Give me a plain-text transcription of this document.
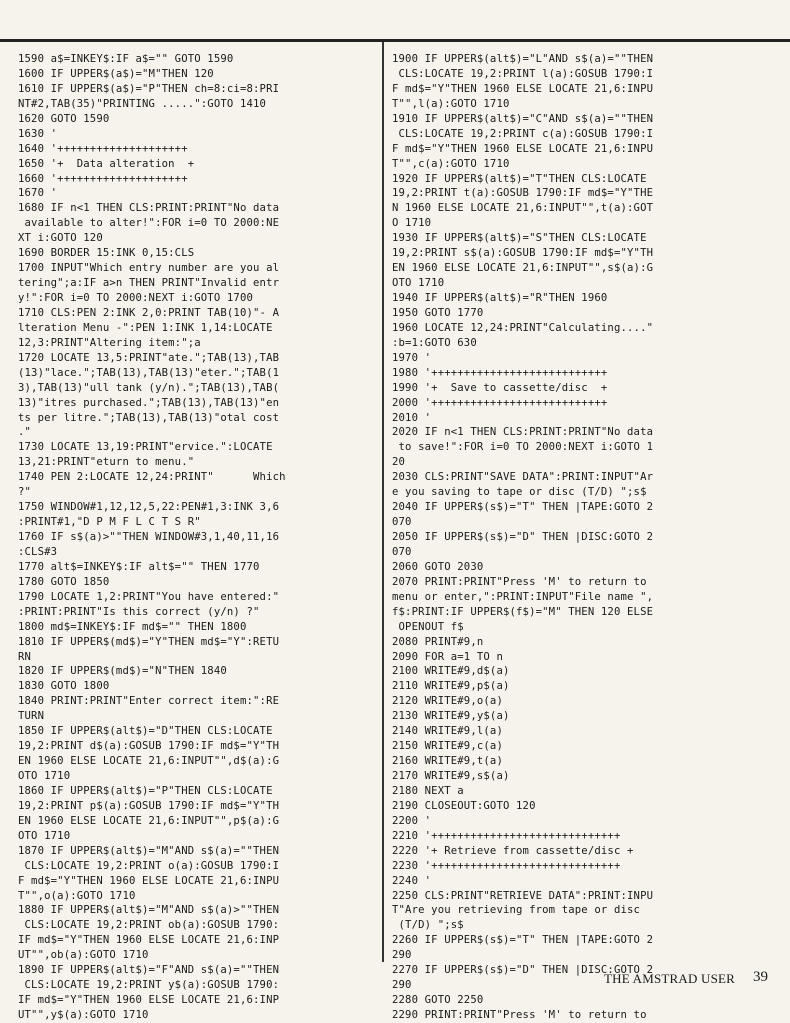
1590 a$=INKEY$:IF a$="" GOTO 1590
1600 IF UPPER$(a$)="M"THEN 120
1610 IF UPPER$(a$)="P"THEN ch=8:ci=8:PRI
NT#2,TAB(35)"PRINTING .....":GOTO 1410
1620 GOTO 1590
1630 '
1640 '++++++++++++++++++++
1650 '+  Data alteration  +
1660 '++++++++++++++++++++
1670 '
1680 IF n<1 THEN CLS:PRINT:PRINT"No data
available to alter!":FOR i=0 TO 2000:NE
XT i:GOTO 120
1690 BORDER 15:INK 0,15:CLS
1700 INPUT"Which entry number are you al
tering";a:IF a>n THEN PRINT"Invalid entr
y!":FOR i=0 TO 2000:NEXT i:GOTO 1700
1710 CLS:PEN 2:INK 2,0:PRINT TAB(10)"- A
lteration Menu -":PEN 1:INK 1,14:LOCATE
12,3:PRINT"Altering item:";a
1720 LOCATE 13,5:PRINT"ate.";TAB(13),TAB
(13)"lace.";TAB(13),TAB(13)"eter.";TAB(1
3),TAB(13)"ull tank (y/n).";TAB(13),TAB(
13)"itres purchased.";TAB(13),TAB(13)"en
ts per litre.";TAB(13),TAB(13)"otal cost
."
1730 LOCATE 13,19:PRINT"ervice.":LOCATE
13,21:PRINT"eturn to menu."
1740 PEN 2:LOCATE 12,24:PRINT"      Which
?"
1750 WINDOW#1,12,12,5,22:PEN#1,3:INK 3,6
:PRINT#1,"D P M F L C T S R"
1760 IF s$(a)>""THEN WINDOW#3,1,40,11,16
:CLS#3
1770 alt$=INKEY$:IF alt$="" THEN 1770
1780 GOTO 1850
1790 LOCATE 1,2:PRINT"You have entered:"
:PRINT:PRINT"Is this correct (y/n) ?"
1800 md$=INKEY$:IF md$="" THEN 1800
1810 IF UPPER$(md$)="Y"THEN md$="Y":RETU
RN
1820 IF UPPER$(md$)="N"THEN 1840
1830 GOTO 1800
1840 PRINT:PRINT"Enter correct item:":RE
TURN
1850 IF UPPER$(alt$)="D"THEN CLS:LOCATE
19,2:PRINT d$(a):GOSUB 1790:IF md$="Y"TH
EN 1960 ELSE LOCATE 21,6:INPUT"",d$(a):G
OTO 1710
1860 IF UPPER$(alt$)="P"THEN CLS:LOCATE
19,2:PRINT p$(a):GOSUB 1790:IF md$="Y"TH
EN 1960 ELSE LOCATE 21,6:INPUT"",p$(a):G
OTO 1710
1870 IF UPPER$(alt$)="M"AND s$(a)=""THEN
CLS:LOCATE 19,2:PRINT o(a):GOSUB 1790:I
F md$="Y"THEN 1960 ELSE LOCATE 21,6:INPU
T"",o(a):GOTO 1710
1880 IF UPPER$(alt$)="M"AND s$(a)>""THEN
CLS:LOCATE 19,2:PRINT ob(a):GOSUB 1790:
IF md$="Y"THEN 1960 ELSE LOCATE 21,6:INP
UT"",ob(a):GOTO 1710
1890 IF UPPER$(alt$)="F"AND s$(a)=""THEN
CLS:LOCATE 19,2:PRINT y$(a):GOSUB 1790:
IF md$="Y"THEN 1960 ELSE LOCATE 21,6:INP
UT"",y$(a):GOTO 1710
1900 IF UPPER$(alt$)="L"AND s$(a)=""THEN
CLS:LOCATE 19,2:PRINT l(a):GOSUB 1790:I
F md$="Y"THEN 1960 ELSE LOCATE 21,6:INPU
T"",l(a):GOTO 1710
1910 IF UPPER$(alt$)="C"AND s$(a)=""THEN
CLS:LOCATE 19,2:PRINT c(a):GOSUB 1790:I
F md$="Y"THEN 1960 ELSE LOCATE 21,6:INPU
T"",c(a):GOTO 1710
1920 IF UPPER$(alt$)="T"THEN CLS:LOCATE
19,2:PRINT t(a):GOSUB 1790:IF md$="Y"THE
N 1960 ELSE LOCATE 21,6:INPUT"",t(a):GOT
O 1710
1930 IF UPPER$(alt$)="S"THEN CLS:LOCATE
19,2:PRINT s$(a):GOSUB 1790:IF md$="Y"TH
EN 1960 ELSE LOCATE 21,6:INPUT"",s$(a):G
OTO 1710
1940 IF UPPER$(alt$)="R"THEN 1960
1950 GOTO 1770
1960 LOCATE 12,24:PRINT"Calculating...."
:b=1:GOTO 630
1970 '
1980 '+++++++++++++++++++++++++++
1990 '+  Save to cassette/disc  +
2000 '+++++++++++++++++++++++++++
2010 '
2020 IF n<1 THEN CLS:PRINT:PRINT"No data
to save!":FOR i=0 TO 2000:NEXT i:GOTO 1
20
2030 CLS:PRINT"SAVE DATA":PRINT:INPUT"Ar
e you saving to tape or disc (T/D) ";s$
2040 IF UPPER$(s$)="T" THEN |TAPE:GOTO 2
070
2050 IF UPPER$(s$)="D" THEN |DISC:GOTO 2
070
2060 GOTO 2030
2070 PRINT:PRINT"Press 'M' to return to
menu or enter,":PRINT:INPUT"File name ",
f$:PRINT:IF UPPER$(f$)="M" THEN 120 ELSE
OPENOUT f$
2080 PRINT#9,n
2090 FOR a=1 TO n
2100 WRITE#9,d$(a)
2110 WRITE#9,p$(a)
2120 WRITE#9,o(a)
2130 WRITE#9,y$(a)
2140 WRITE#9,l(a)
2150 WRITE#9,c(a)
2160 WRITE#9,t(a)
2170 WRITE#9,s$(a)
2180 NEXT a
2190 CLOSEOUT:GOTO 120
2200 '
2210 '+++++++++++++++++++++++++++++
2220 '+ Retrieve from cassette/disc +
2230 '+++++++++++++++++++++++++++++
2240 '
2250 CLS:PRINT"RETRIEVE DATA":PRINT:INPU
T"Are you retrieving from tape or disc
(T/D) ";s$
2260 IF UPPER$(s$)="T" THEN |TAPE:GOTO 2
290
2270 IF UPPER$(s$)="D" THEN |DISC:GOTO 2
290
2280 GOTO 2250
2290 PRINT:PRINT"Press 'M' to return to
THE AMSTRAD USER 39
